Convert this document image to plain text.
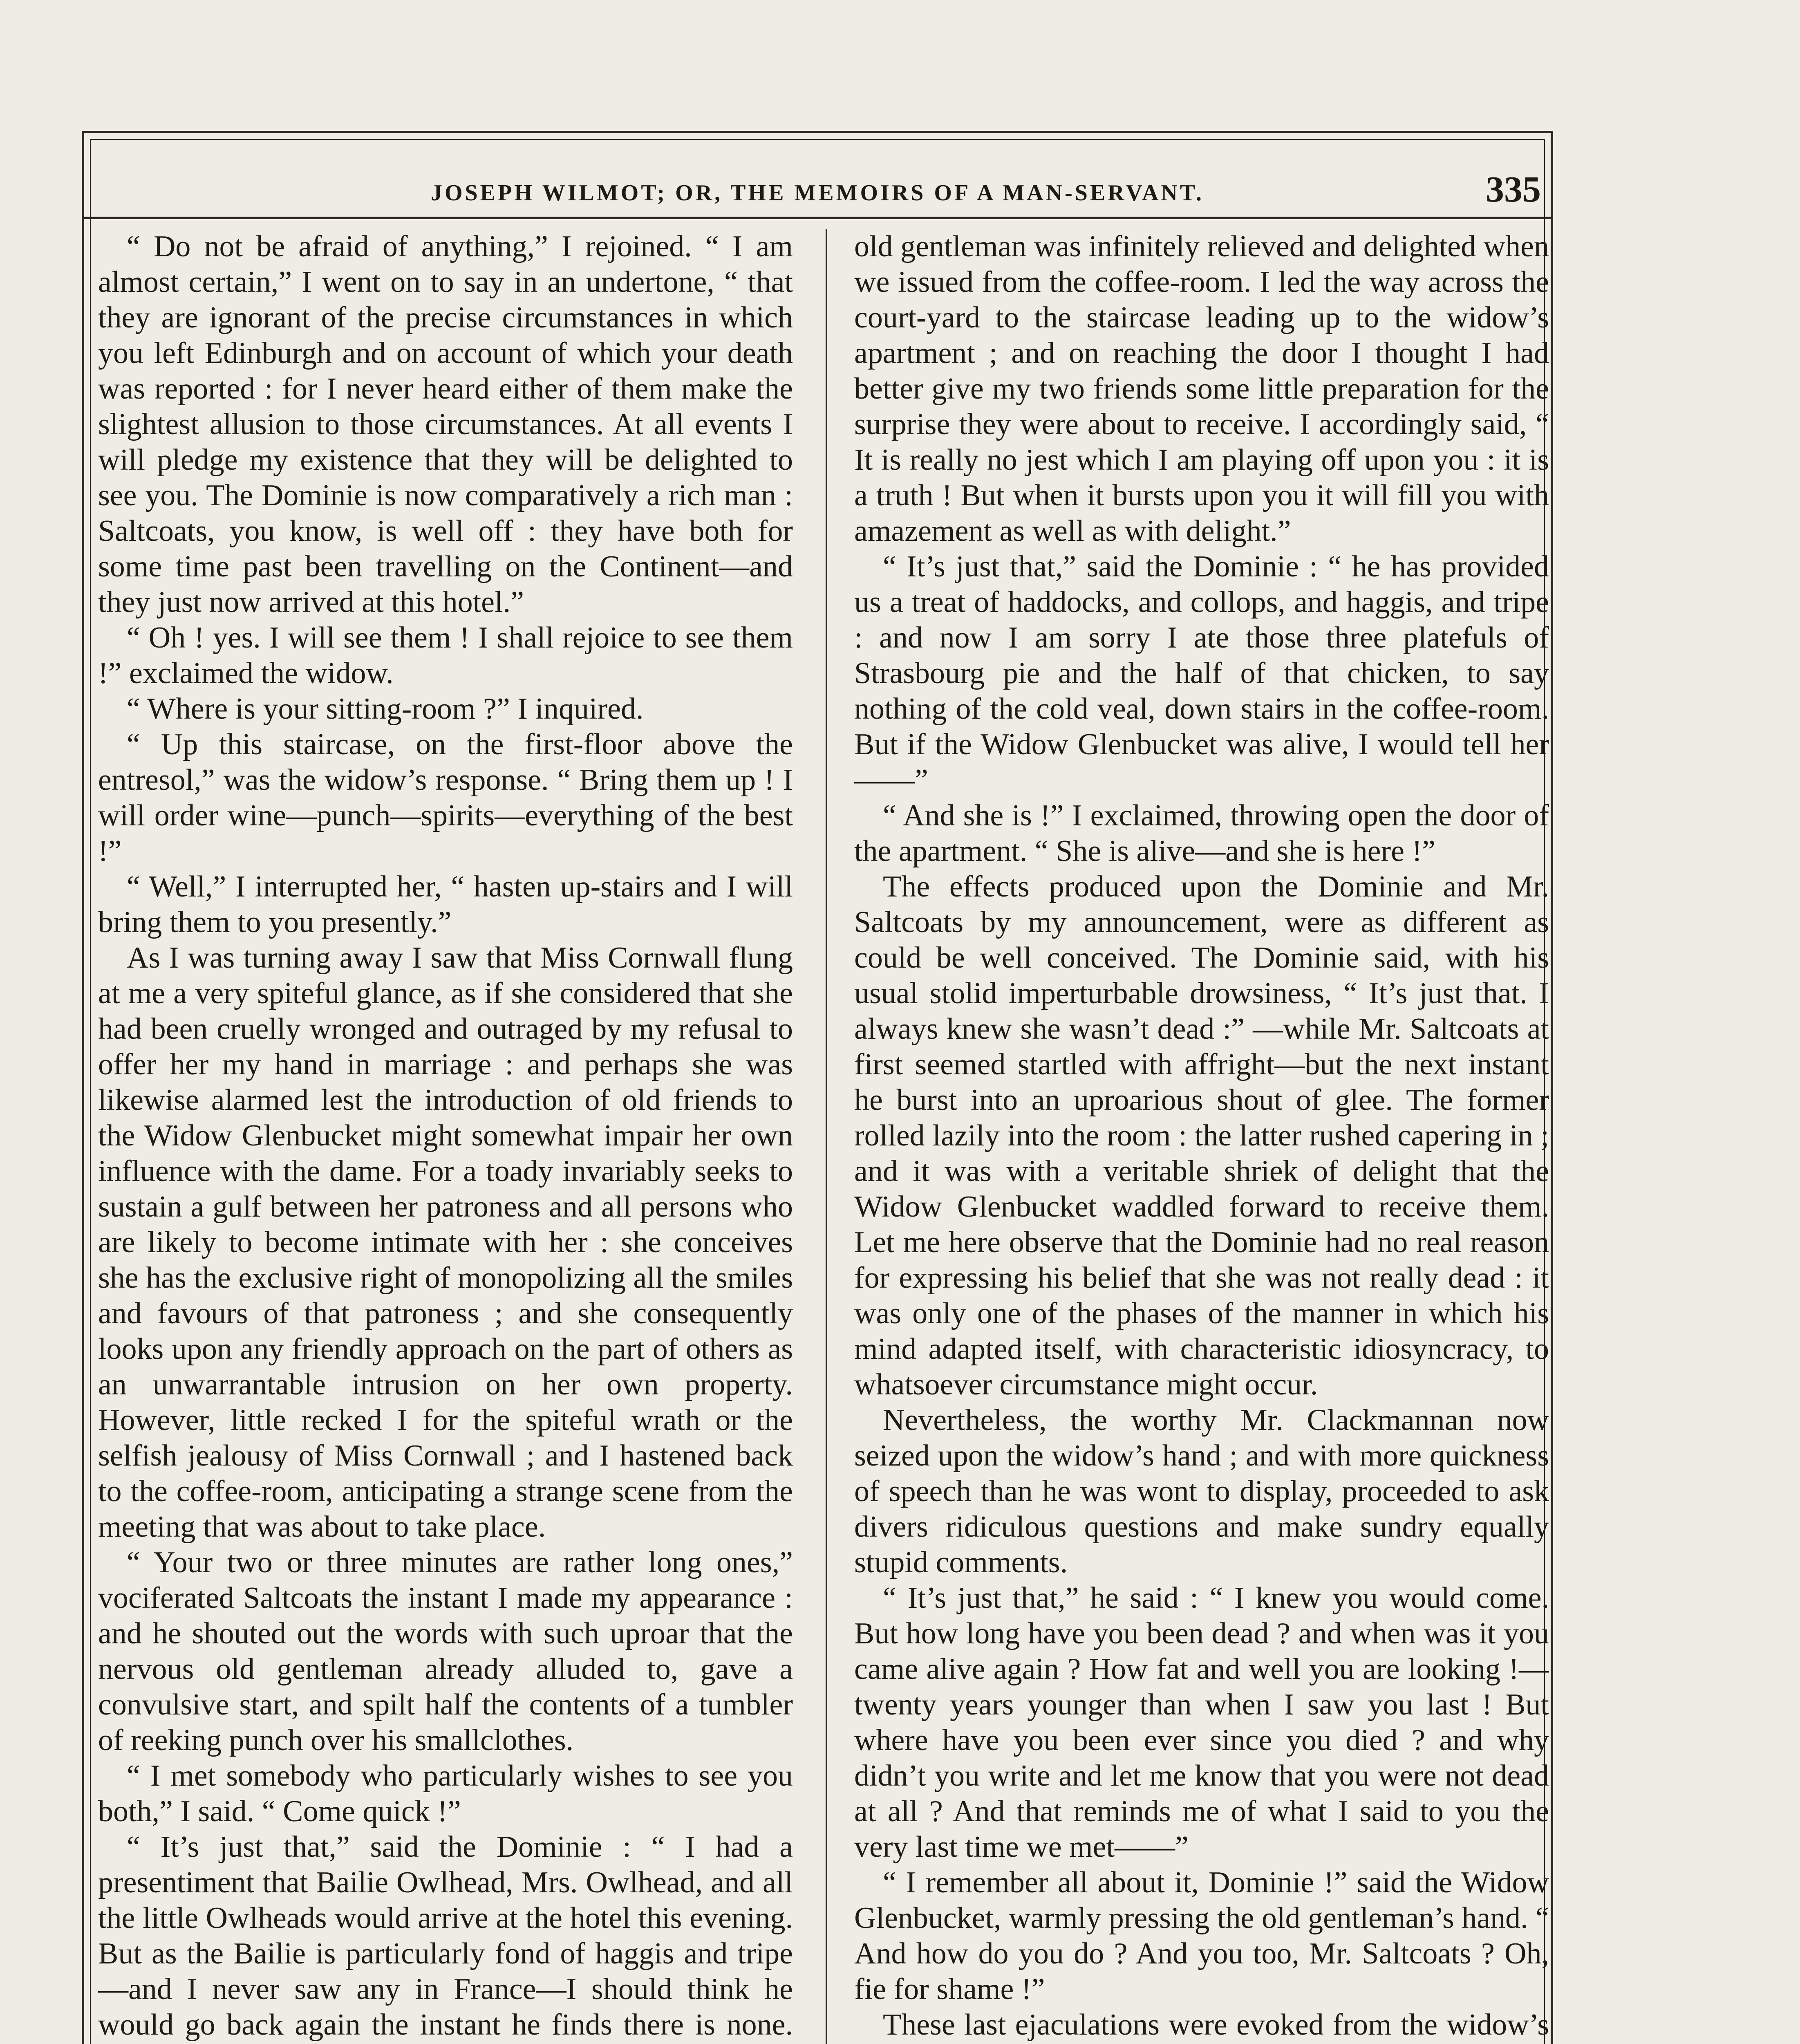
JOSEPH WILMOT; OR, THE MEMOIRS OF A MAN-SERVANT.	335

“ Do not be afraid of anything,” I rejoined. “ I am almost certain,” I went on to say in an undertone, “ that they are ignorant of the precise circumstances in which you left Edinburgh and on account of which your death was reported : for I never heard either of them make the slightest allusion to those circumstances. At all events I will pledge my existence that they will be delighted to see you. The Dominie is now comparatively a rich man : Saltcoats, you know, is well off : they have both for some time past been travelling on the Continent—and they just now arrived at this hotel.”

“ Oh ! yes. I will see them ! I shall rejoice to see them !” exclaimed the widow.

“ Where is your sitting-room ?” I inquired.

“ Up this staircase, on the first-floor above the entresol,” was the widow’s response. “ Bring them up ! I will order wine—punch—spirits—everything of the best !”

“ Well,” I interrupted her, “ hasten up-stairs and I will bring them to you presently.”

As I was turning away I saw that Miss Cornwall flung at me a very spiteful glance, as if she considered that she had been cruelly wronged and outraged by my refusal to offer her my hand in marriage : and perhaps she was likewise alarmed lest the introduction of old friends to the Widow Glenbucket might somewhat impair her own influence with the dame. For a toady invariably seeks to sustain a gulf between her patroness and all persons who are likely to become intimate with her : she conceives she has the exclusive right of monopolizing all the smiles and favours of that patroness ; and she consequently looks upon any friendly approach on the part of others as an unwarrantable intrusion on her own property. However, little recked I for the spiteful wrath or the selfish jealousy of Miss Cornwall ; and I hastened back to the coffee-room, anticipating a strange scene from the meeting that was about to take place.

“ Your two or three minutes are rather long ones,” vociferated Saltcoats the instant I made my appearance : and he shouted out the words with such uproar that the nervous old gentleman already alluded to, gave a convulsive start, and spilt half the contents of a tumbler of reeking punch over his smallclothes.

“ I met somebody who particularly wishes to see you both,” I said. “ Come quick !”

“ It’s just that,” said the Dominie : “ I had a presentiment that Bailie Owlhead, Mrs. Owlhead, and all the little Owlheads would arrive at the hotel this evening. But as the Bailie is particularly fond of haggis and tripe—and I never saw any in France—I should think he would go back again the instant he finds there is none.

old gentleman was infinitely relieved and delighted when we issued from the coffee-room. I led the way across the court-yard to the staircase leading up to the widow’s apartment ; and on reaching the door I thought I had better give my two friends some little preparation for the surprise they were about to receive. I accordingly said, “ It is really no jest which I am playing off upon you : it is a truth ! But when it bursts upon you it will fill you with amazement as well as with delight.”

“ It’s just that,” said the Dominie : “ he has provided us a treat of haddocks, and collops, and haggis, and tripe : and now I am sorry I ate those three platefuls of Strasbourg pie and the half of that chicken, to say nothing of the cold veal, down stairs in the coffee-room. But if the Widow Glenbucket was alive, I would tell her——”

“ And she is !” I exclaimed, throwing open the door of the apartment. “ She is alive—and she is here !”

The effects produced upon the Dominie and Mr. Saltcoats by my announcement, were as different as could be well conceived. The Dominie said, with his usual stolid imperturbable drowsiness, “ It’s just that. I always knew she wasn’t dead :” —while Mr. Saltcoats at first seemed startled with affright—but the next instant he burst into an uproarious shout of glee. The former rolled lazily into the room : the latter rushed capering in ; and it was with a veritable shriek of delight that the Widow Glenbucket waddled forward to receive them. Let me here observe that the Dominie had no real reason for expressing his belief that she was not really dead : it was only one of the phases of the manner in which his mind adapted itself, with characteristic idiosyncracy, to whatsoever circumstance might occur.

Nevertheless, the worthy Mr. Clackmannan now seized upon the widow’s hand ; and with more quickness of speech than he was wont to display, proceeded to ask divers ridiculous questions and make sundry equally stupid comments.

“ It’s just that,” he said : “ I knew you would come. But how long have you been dead ? and when was it you came alive again ? How fat and well you are looking !—twenty years younger than when I saw you last ! But where have you been ever since you died ? and why didn’t you write and let me know that you were not dead at all ? And that reminds me of what I said to you the very last time we met——”

“ I remember all about it, Dominie !” said the Widow Glenbucket, warmly pressing the old gentleman’s hand. “ And how do you do ? And you too, Mr. Saltcoats ? Oh, fie for shame !”

These last ejaculations were evoked from the widow’s
